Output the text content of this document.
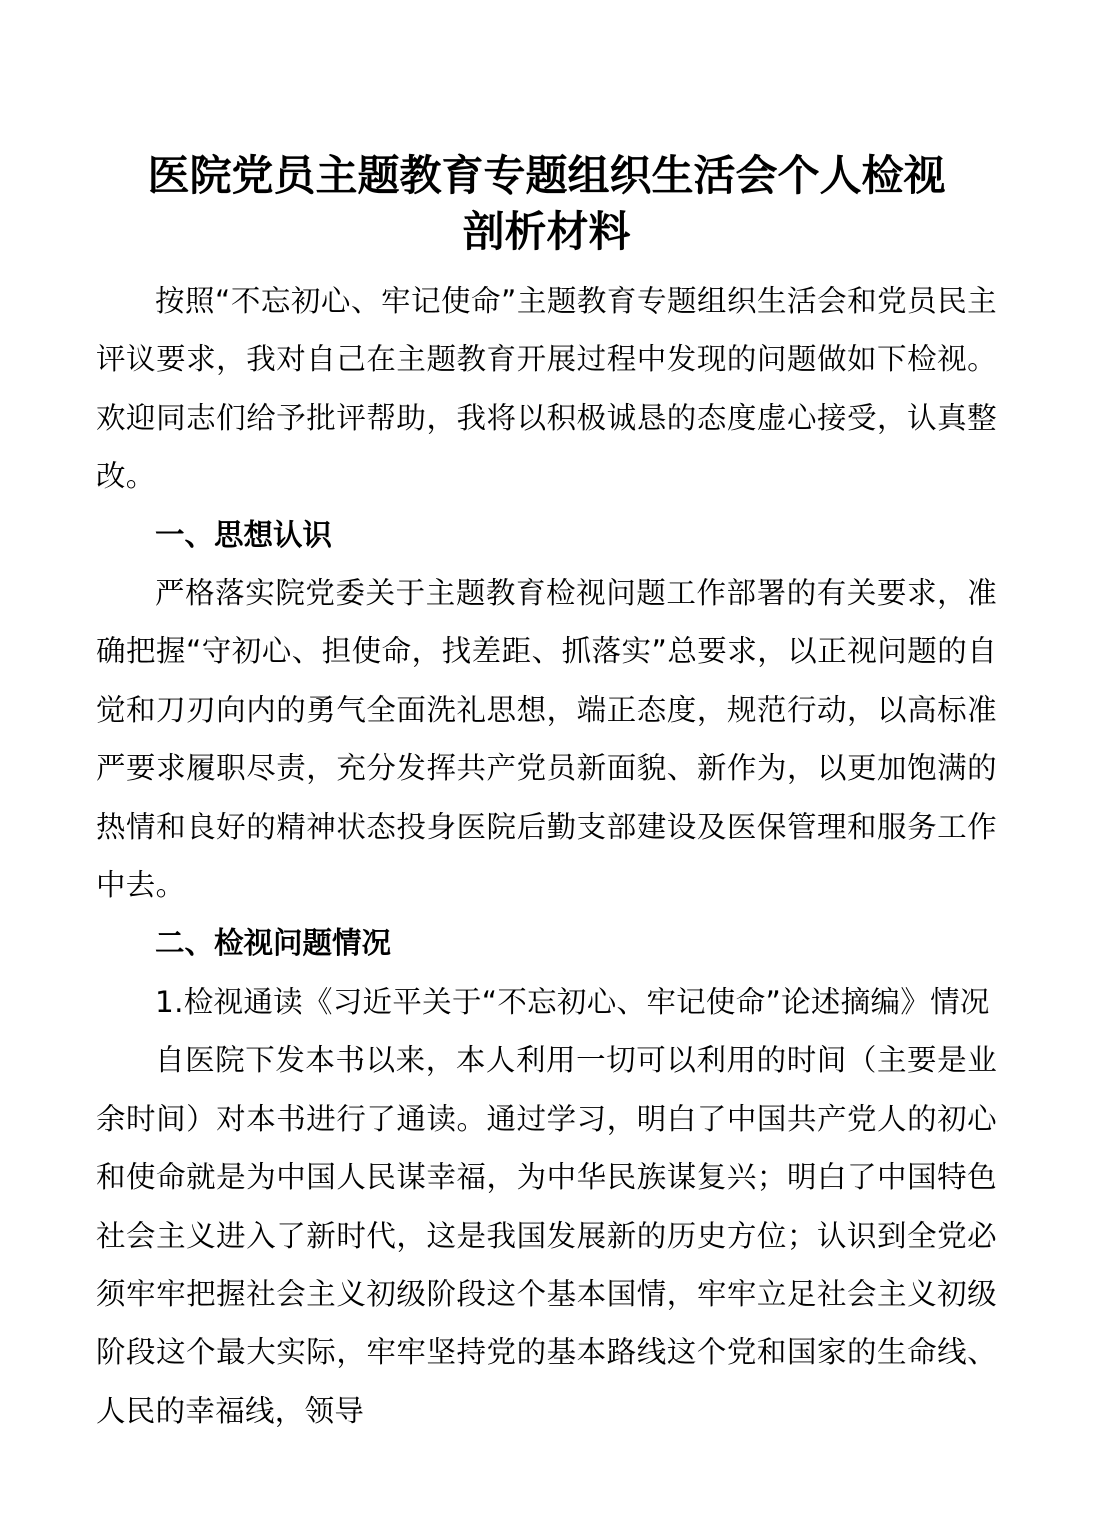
医院党员主题教育专题组织生活会个人检视
剖析材料

按照“不忘初心、牢记使命”主题教育专题组织生活会和党员民主评议要求，我对自己在主题教育开展过程中发现的问题做如下检视。欢迎同志们给予批评帮助，我将以积极诚恳的态度虚心接受，认真整改。

一、思想认识

严格落实院党委关于主题教育检视问题工作部署的有关要求，准确把握“守初心、担使命，找差距、抓落实”总要求，以正视问题的自觉和刀刃向内的勇气全面洗礼思想，端正态度，规范行动，以高标准严要求履职尽责，充分发挥共产党员新面貌、新作为，以更加饱满的热情和良好的精神状态投身医院后勤支部建设及医保管理和服务工作中去。

二、检视问题情况

1.检视通读《习近平关于“不忘初心、牢记使命”论述摘编》情况

自医院下发本书以来，本人利用一切可以利用的时间（主要是业余时间）对本书进行了通读。通过学习，明白了中国共产党人的初心和使命就是为中国人民谋幸福，为中华民族谋复兴；明白了中国特色社会主义进入了新时代，这是我国发展新的历史方位；认识到全党必须牢牢把握社会主义初级阶段这个基本国情，牢牢立足社会主义初级阶段这个最大实际，牢牢坚持党的基本路线这个党和国家的生命线、人民的幸福线，领导
